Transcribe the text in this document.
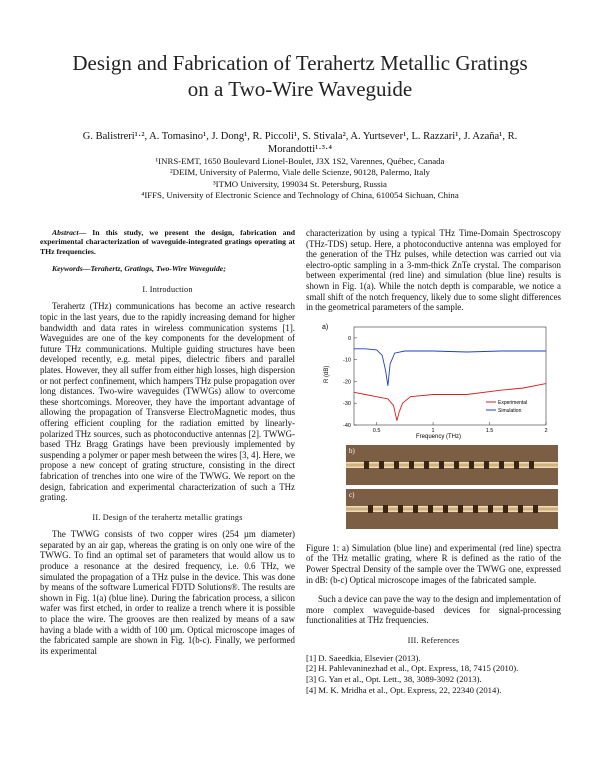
Design and Fabrication of Terahertz Metallic Gratings
on a Two-Wire Waveguide
G. Balistreri¹·², A. Tomasino¹, J. Dong¹, R. Piccoli¹, S. Stivala², A. Yurtsever¹, L. Razzari¹, J. Azaña¹, R.
Morandotti¹·³·⁴
¹INRS-EMT, 1650 Boulevard Lionel-Boulet, J3X 1S2, Varennes, Québec, Canada
²DEIM, University of Palermo, Viale delle Scienze, 90128, Palermo, Italy
³ITMO University, 199034 St. Petersburg, Russia
⁴IFFS, University of Electronic Science and Technology of China, 610054 Sichuan, China

Abstract— In this study, we present the design, fabrication and experimental characterization of waveguide-integrated gratings operating at THz frequencies.

Keywords—Terahertz, Gratings, Two-Wire Waveguide;

I. Introduction

Terahertz (THz) communications has become an active research topic in the last years, due to the rapidly increasing demand for higher bandwidth and data rates in wireless communication systems [1]. Waveguides are one of the key components for the development of future THz communications. Multiple guiding structures have been developed recently, e.g. metal pipes, dielectric fibers and parallel plates. However, they all suffer from either high losses, high dispersion or not perfect confinement, which hampers THz pulse propagation over long distances. Two-wire waveguides (TWWGs) allow to overcome these shortcomings. Moreover, they have the important advantage of allowing the propagation of Transverse ElectroMagnetic modes, thus offering efficient coupling for the radiation emitted by linearly-polarized THz sources, such as photoconductive antennas [2]. TWWG-based THz Bragg Gratings have been previously implemented by suspending a polymer or paper mesh between the wires [3, 4]. Here, we propose a new concept of grating structure, consisting in the direct fabrication of trenches into one wire of the TWWG. We report on the design, fabrication and experimental characterization of such a THz grating.

II. Design of the terahertz metallic gratings

The TWWG consists of two copper wires (254 µm diameter) separated by an air gap, whereas the grating is on only one wire of the TWWG. To find an optimal set of parameters that would allow us to produce a resonance at the desired frequency, i.e. 0.6 THz, we simulated the propagation of a THz pulse in the device. This was done by means of the software Lumerical FDTD Solutions®. The results are shown in Fig. 1(a) (blue line). During the fabrication process, a silicon wafer was first etched, in order to realize a trench where it is possible to place the wire. The grooves are then realized by means of a saw having a blade with a width of 100 µm. Optical microscope images of the fabricated sample are shown in Fig. 1(b-c). Finally, we performed its experimental

characterization by using a typical THz Time-Domain Spectroscopy (THz-TDS) setup. Here, a photoconductive antenna was employed for the generation of the THz pulses, while detection was carried out via electro-optic sampling in a 3-mm-thick ZnTe crystal. The comparison between experimental (red line) and simulation (blue line) results is shown in Fig. 1(a). While the notch depth is comparable, we notice a small shift of the notch frequency, likely due to some slight differences in the geometrical parameters of the sample.

a)
R (dB)
Frequency (THz)
0
-10
-20
-30
-40
0.5	1	1.5	2
Experimental
Simulation
b)
c)

Figure 1: a) Simulation (blue line) and experimental (red line) spectra of the THz metallic grating, where R is defined as the ratio of the Power Spectral Density of the sample over the TWWG one, expressed in dB: (b-c) Optical microscope images of the fabricated sample.

Such a device can pave the way to the design and implementation of more complex waveguide-based devices for signal-processing functionalities at THz frequencies.

III. References

[1] D. Saeedkia, Elsevier (2013).

[2] H. Pahlevaninezhad et al., Opt. Express, 18, 7415 (2010).

[3] G. Yan et al., Opt. Lett., 38, 3089-3092 (2013).

[4] M. K. Mridha et al., Opt. Express, 22, 22340 (2014).
